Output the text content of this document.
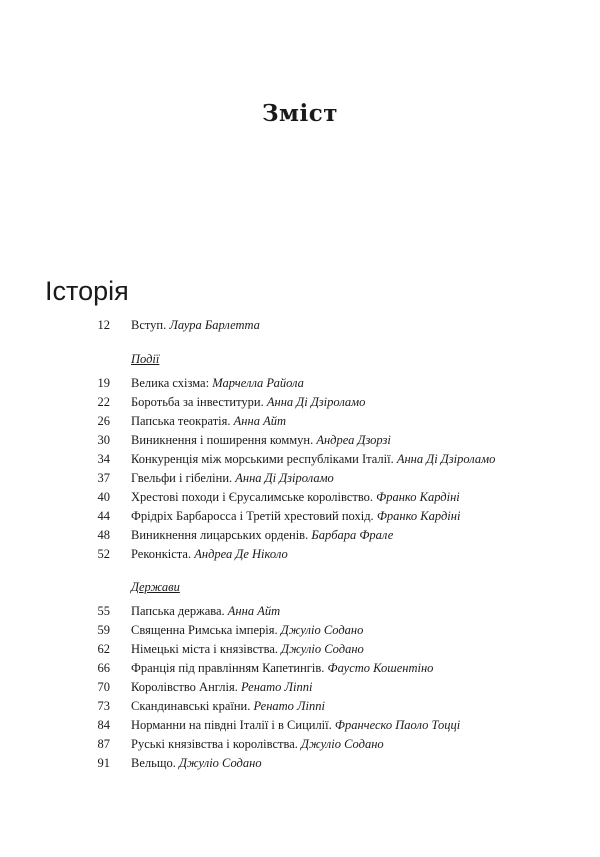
Зміст
Історія
12 Вступ. Лаура Барлетта
Події
19 Велика схізма: Марчелла Райола
22 Боротьба за інвеститури. Анна Ді Дзіроламо
26 Папська теократія. Анна Айт
30 Виникнення і поширення коммун. Андреа Дзорзі
34 Конкуренція між морськими республіками Італії. Анна Ді Дзіроламо
37 Гвельфи і гібеліни. Анна Ді Дзіроламо
40 Хрестові походи і Єрусалимське королівство. Франко Кардіні
44 Фрідріх Барбаросса і Третій хрестовий похід. Франко Кардіні
48 Виникнення лицарських орденів. Барбара Фрале
52 Реконкіста. Андреа Де Ніколо
Держави
55 Папська держава. Анна Айт
59 Священна Римська імперія. Джуліо Соданo
62 Німецькі міста і князівства. Джуліо Соданo
66 Франція під правлінням Капетингів. Фаусто Кошентіно
70 Королівство Англія. Ренато Ліппі
73 Скандинавські країни. Ренато Ліппі
84 Норманни на півдні Італії і в Сицилії. Франческо Паоло Тоцці
87 Руські князівства і королівства. Джуліо Соданo
91 Вельщо. Джуліо Соданo
